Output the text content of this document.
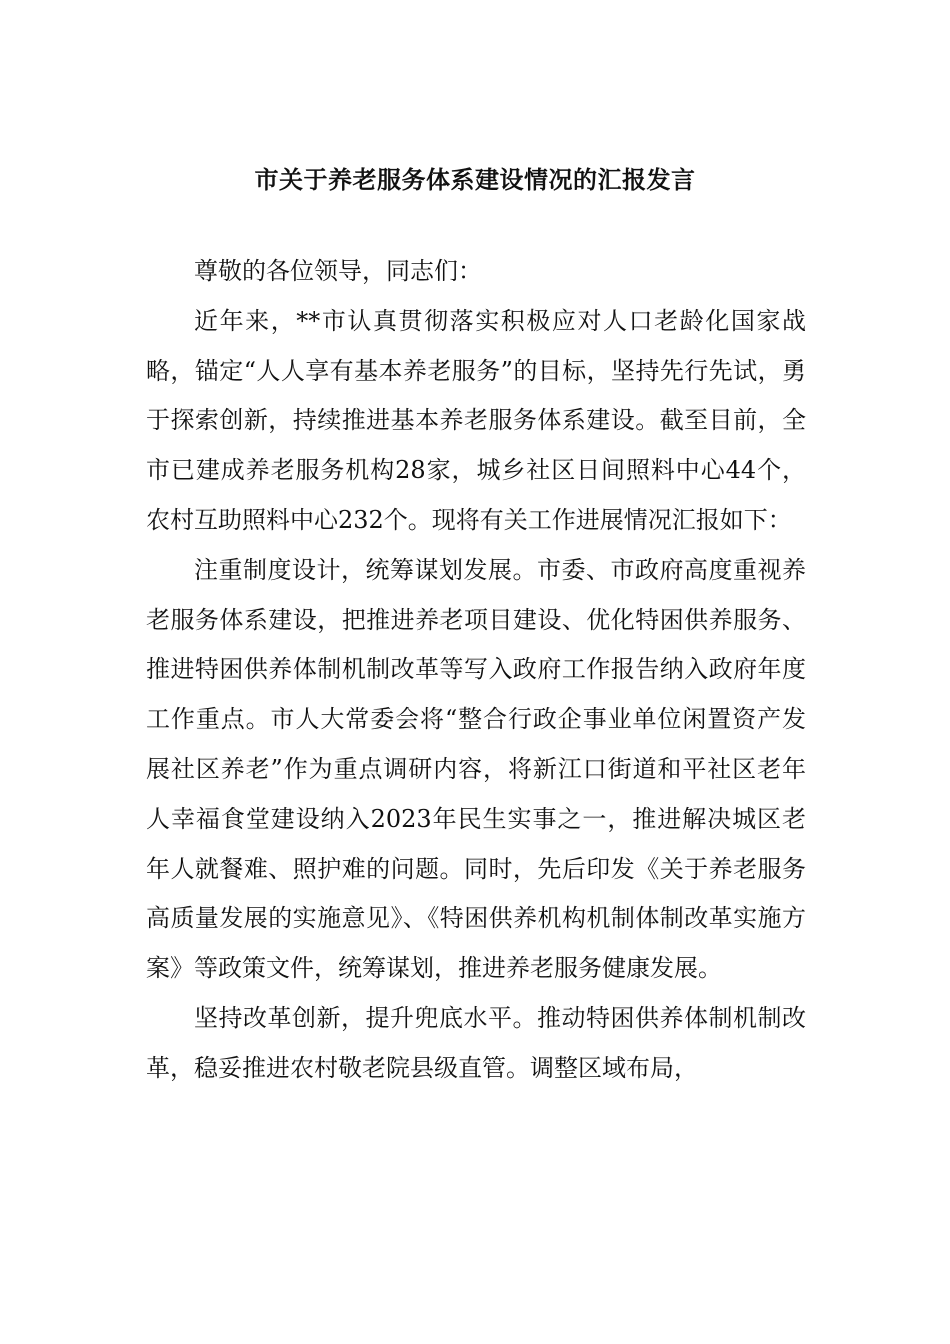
市关于养老服务体系建设情况的汇报发言

尊敬的各位领导，同志们：

近年来，**市认真贯彻落实积极应对人口老龄化国家战略，锚定“人人享有基本养老服务”的目标，坚持先行先试，勇于探索创新，持续推进基本养老服务体系建设。截至目前，全市已建成养老服务机构28家，城乡社区日间照料中心44个，农村互助照料中心232个。现将有关工作进展情况汇报如下：

注重制度设计，统筹谋划发展。市委、市政府高度重视养老服务体系建设，把推进养老项目建设、优化特困供养服务、推进特困供养体制机制改革等写入政府工作报告纳入政府年度工作重点。市人大常委会将“整合行政企事业单位闲置资产发展社区养老”作为重点调研内容，将新江口街道和平社区老年人幸福食堂建设纳入2023年民生实事之一，推进解决城区老年人就餐难、照护难的问题。同时，先后印发《关于养老服务高质量发展的实施意见》、《特困供养机构机制体制改革实施方案》等政策文件，统筹谋划，推进养老服务健康发展。

坚持改革创新，提升兜底水平。推动特困供养体制机制改革，稳妥推进农村敬老院县级直管。调整区域布局，
